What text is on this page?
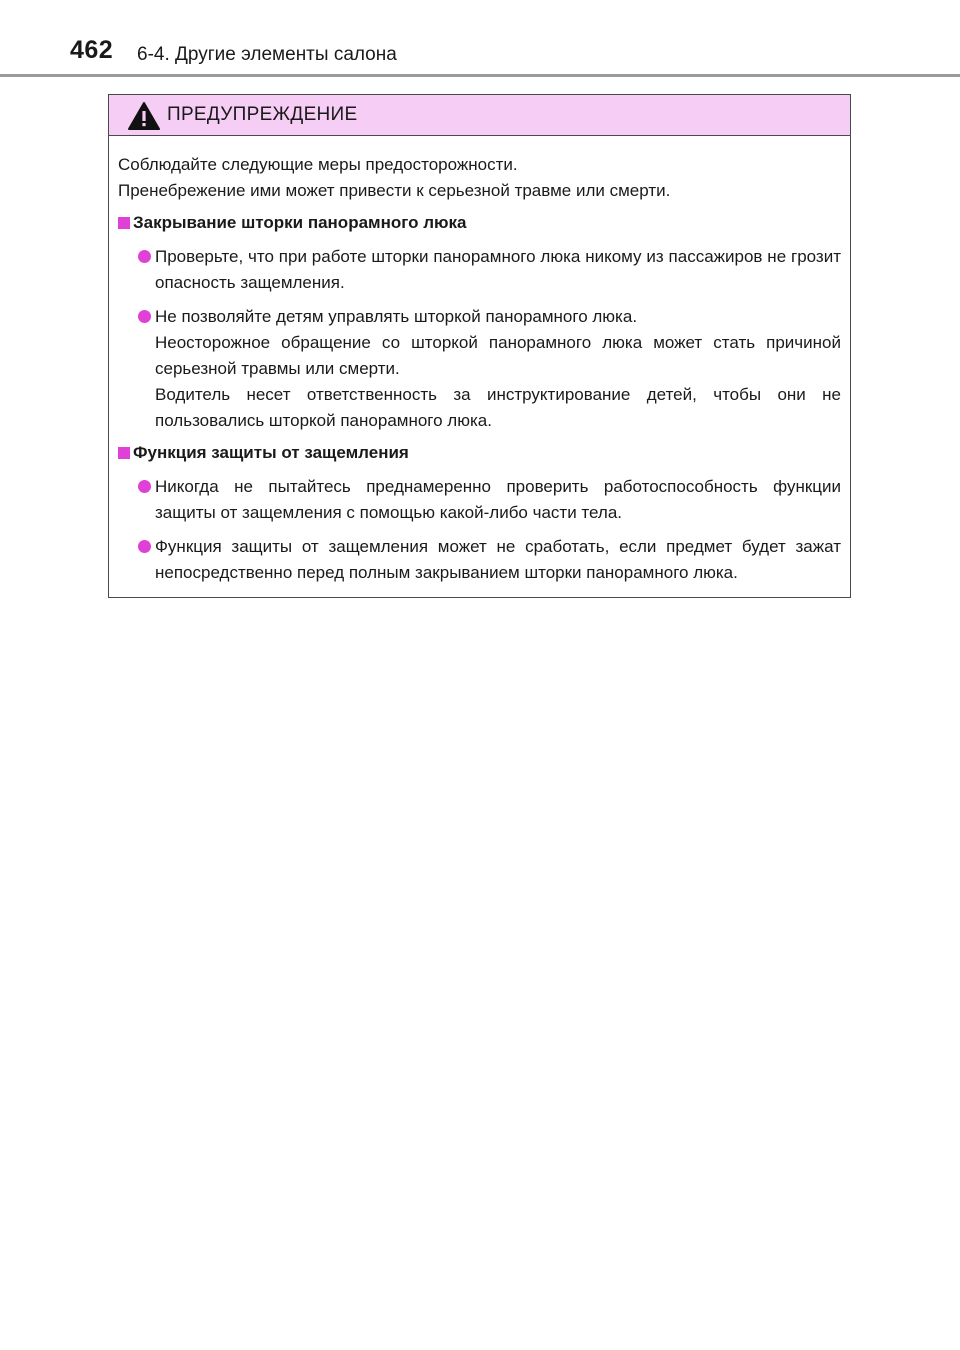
462 6-4. Другие элементы салона
ПРЕДУПРЕЖДЕНИЕ

Соблюдайте следующие меры предосторожности.

Пренебрежение ими может привести к серьезной травме или смерти.

Закрывание шторки панорамного люка

Проверьте, что при работе шторки панорамного люка никому из пассажиров не грозит опасность защемления.

Не позволяйте детям управлять шторкой панорамного люка.

Неосторожное обращение со шторкой панорамного люка может стать причиной серьезной травмы или смерти.

Водитель несет ответственность за инструктирование детей, чтобы они не пользовались шторкой панорамного люка.

Функция защиты от защемления

Никогда не пытайтесь преднамеренно проверить работоспособность функции защиты от защемления с помощью какой-либо части тела.

Функция защиты от защемления может не сработать, если предмет будет зажат непосредственно перед полным закрыванием шторки панорамного люка.
